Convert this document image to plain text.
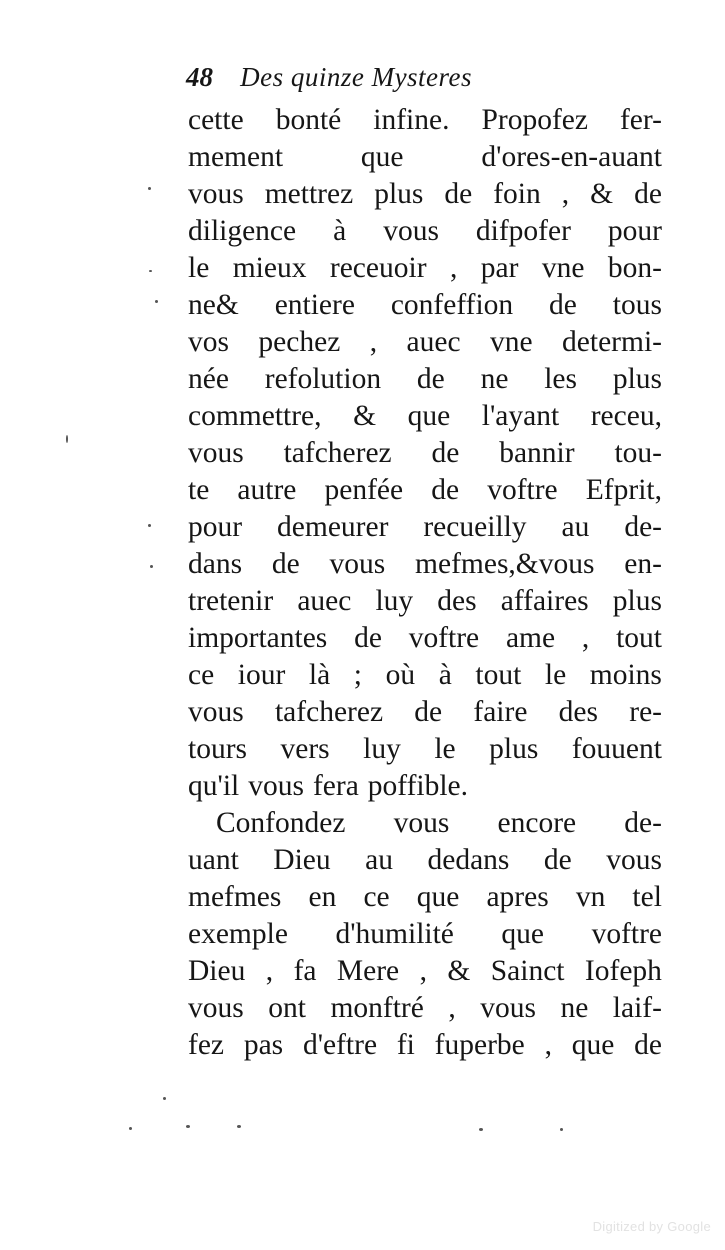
48 Des quinze Mysteres
cette bonté infine. Propofez fer-
mement	que	d'ores-en-auant
vous mettrez plus de foin , & de
diligence à vous difpofer pour
le mieux receuoir , par vne bon-
ne& entiere confeffion de tous
vos pechez , auec vne determi-
née refolution de ne les plus
commettre, & que l'ayant receu,
vous tafcherez de bannir tou-
te autre penfée de voftre Efprit,
pour demeurer recueilly au de-
dans de vous mefmes,&vous en-
tretenir auec luy des affaires plus
importantes de voftre ame , tout
ce iour là ; où à tout le moins
vous tafcherez de faire des re-
tours vers luy le plus fouuent
qu'il vous fera poffible.
Confondez vous encore de-
uant Dieu au dedans de vous
mefmes en ce que apres vn tel
exemple d'humilité que voftre
Dieu , fa Mere , & Sainct Iofeph
vous ont monftré , vous ne laif-
fez pas d'eftre fi fuperbe , que de
Digitized by Google
